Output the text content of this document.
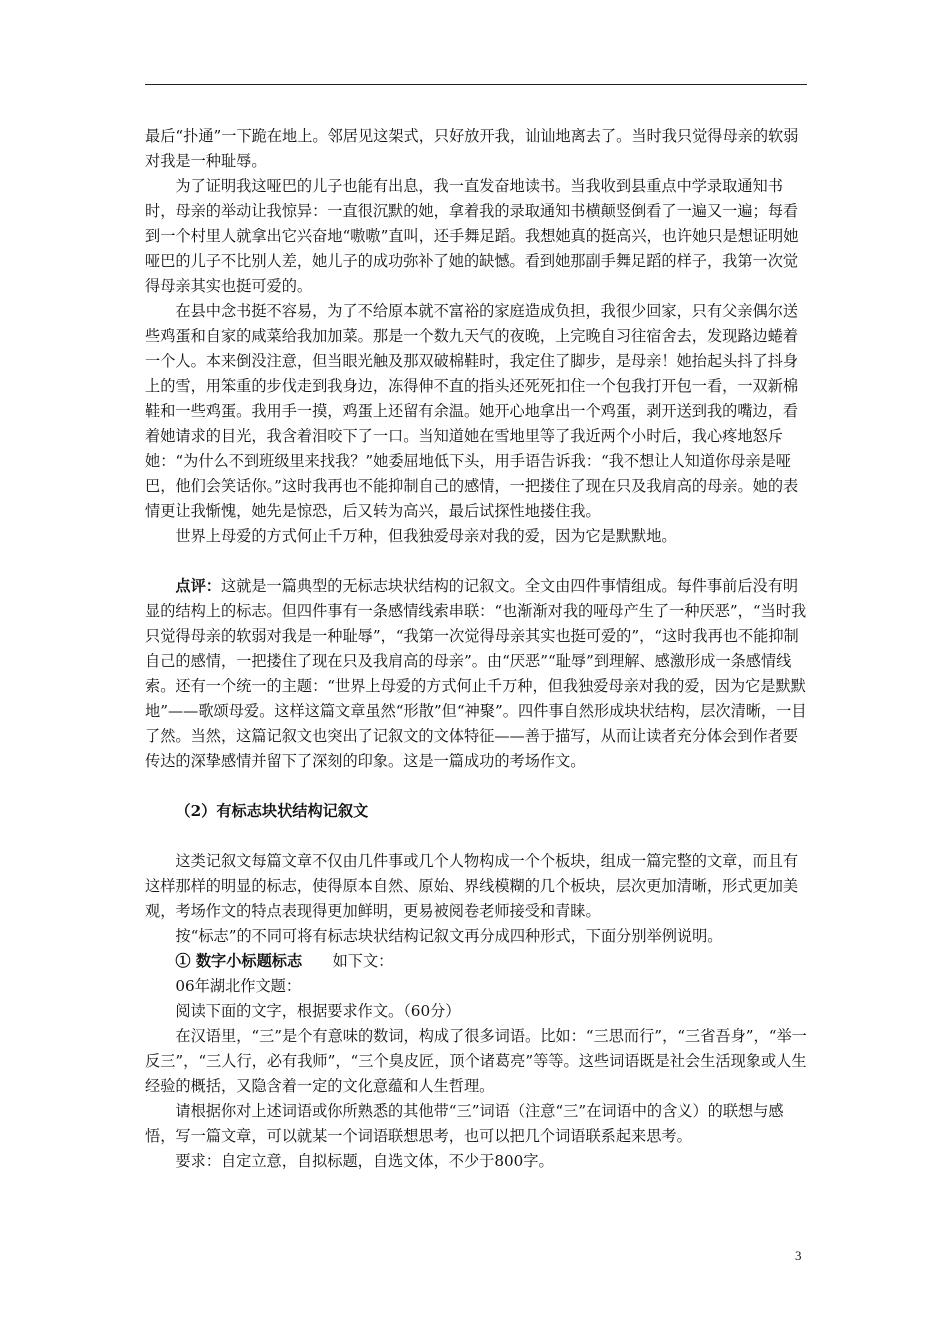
最后“扑通”一下跪在地上。邻居见这架式，只好放开我，讪讪地离去了。当时我只觉得母亲的软弱对我是一种耻辱。

为了证明我这哑巴的儿子也能有出息，我一直发奋地读书。当我收到县重点中学录取通知书时，母亲的举动让我惊异：一直很沉默的她，拿着我的录取通知书横颠竖倒看了一遍又一遍；每看到一个村里人就拿出它兴奋地“嗷嗷”直叫，还手舞足蹈。我想她真的挺高兴，也许她只是想证明她哑巴的儿子不比别人差，她儿子的成功弥补了她的缺憾。看到她那副手舞足蹈的样子，我第一次觉得母亲其实也挺可爱的。

在县中念书挺不容易，为了不给原本就不富裕的家庭造成负担，我很少回家，只有父亲偶尔送些鸡蛋和自家的咸菜给我加加菜。那是一个数九天气的夜晚，上完晚自习往宿舍去，发现路边蜷着一个人。本来倒没注意，但当眼光触及那双破棉鞋时，我定住了脚步，是母亲！她抬起头抖了抖身上的雪，用笨重的步伐走到我身边，冻得伸不直的指头还死死扣住一个包我打开包一看，一双新棉鞋和一些鸡蛋。我用手一摸，鸡蛋上还留有余温。她开心地拿出一个鸡蛋，剥开送到我的嘴边，看着她请求的目光，我含着泪咬下了一口。当知道她在雪地里等了我近两个小时后，我心疼地怒斥她：“为什么不到班级里来找我？”她委屈地低下头，用手语告诉我：“我不想让人知道你母亲是哑巴，他们会笑话你。”这时我再也不能抑制自己的感情，一把搂住了现在只及我肩高的母亲。她的表情更让我惭愧，她先是惊恐，后又转为高兴，最后试探性地搂住我。

世界上母爱的方式何止千万种，但我独爱母亲对我的爱，因为它是默默地。

点评：这就是一篇典型的无标志块状结构的记叙文。全文由四件事情组成。每件事前后没有明显的结构上的标志。但四件事有一条感情线索串联：“也渐渐对我的哑母产生了一种厌恶”，“当时我只觉得母亲的软弱对我是一种耻辱”，“我第一次觉得母亲其实也挺可爱的”，“这时我再也不能抑制自己的感情，一把搂住了现在只及我肩高的母亲”。由“厌恶”“耻辱”到理解、感激形成一条感情线索。还有一个统一的主题：“世界上母爱的方式何止千万种，但我独爱母亲对我的爱，因为它是默默地”——歌颂母爱。这样这篇文章虽然“形散”但“神聚”。四件事自然形成块状结构，层次清晰，一目了然。当然，这篇记叙文也突出了记叙文的文体特征——善于描写，从而让读者充分体会到作者要传达的深挚感情并留下了深刻的印象。这是一篇成功的考场作文。

（2）有标志块状结构记叙文

这类记叙文每篇文章不仅由几件事或几个人物构成一个个板块，组成一篇完整的文章，而且有这样那样的明显的标志，使得原本自然、原始、界线模糊的几个板块，层次更加清晰，形式更加美观，考场作文的特点表现得更加鲜明，更易被阅卷老师接受和青睐。

按“标志”的不同可将有标志块状结构记叙文再分成四种形式，下面分别举例说明。

① 数字小标题标志　　如下文：

06年湖北作文题：

阅读下面的文字，根据要求作文。（60分）

在汉语里，“三”是个有意味的数词，构成了很多词语。比如：“三思而行”，“三省吾身”，“举一反三”，“三人行，必有我师”，“三个臭皮匠，顶个诸葛亮”等等。这些词语既是社会生活现象或人生经验的概括，又隐含着一定的文化意蕴和人生哲理。

请根据你对上述词语或你所熟悉的其他带“三”词语（注意“三”在词语中的含义）的联想与感悟，写一篇文章，可以就某一个词语联想思考，也可以把几个词语联系起来思考。

要求：自定立意，自拟标题，自选文体，不少于800字。

3
